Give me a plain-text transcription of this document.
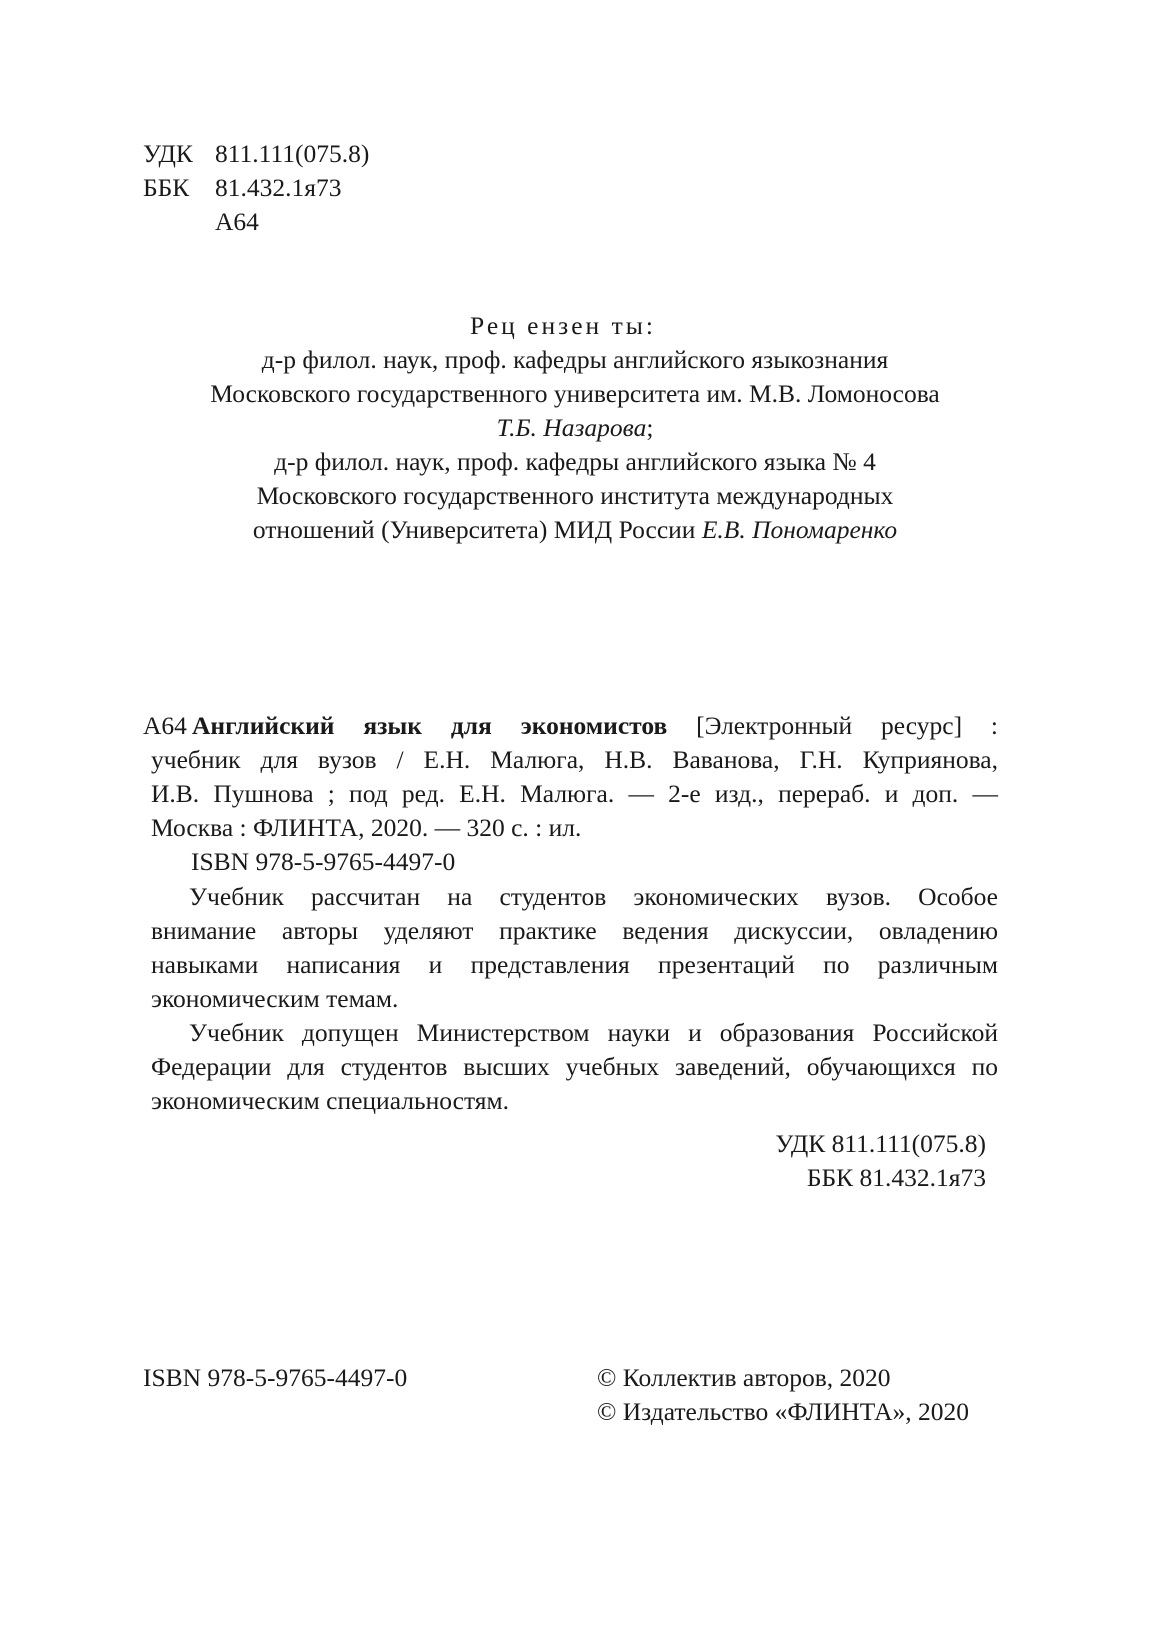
УДК 811.111(075.8)
ББК	81.432.1я73
А64
Рец ензен ты:
д-р филол. наук, проф. кафедры английского языкознания
Московского государственного университета им. М.В. Ломоносова
Т.Б. Назарова;
д-р филол. наук, проф. кафедры английского языка № 4
Московского государственного института международных
отношений (Университета) МИД России Е.В. Пономаренко
А64 Английский язык для экономистов [Электронный ресурс] :
учебник для вузов / Е.Н. Малюга, Н.В. Ваванова, Г.Н. Куприянова,
И.В. Пушнова ; под ред. Е.Н. Малюга. — 2-е изд., перераб. и доп. —
Москва : ФЛИНТА, 2020. — 320 с. : ил.
ISBN 978-5-9765-4497-0
Учебник рассчитан на студентов экономических вузов. Особое
внимание авторы уделяют практике ведения дискуссии, овладению
навыками написания и представления презентаций по различным
экономическим темам.
Учебник допущен Министерством науки и образования Российской
Федерации для студентов высших учебных заведений, обучающихся по
экономическим специальностям.
УДК 811.111(075.8)
ББК 81.432.1я73
ISBN 978-5-9765-4497-0	© Коллектив авторов, 2020
© Издательство «ФЛИНТА», 2020
